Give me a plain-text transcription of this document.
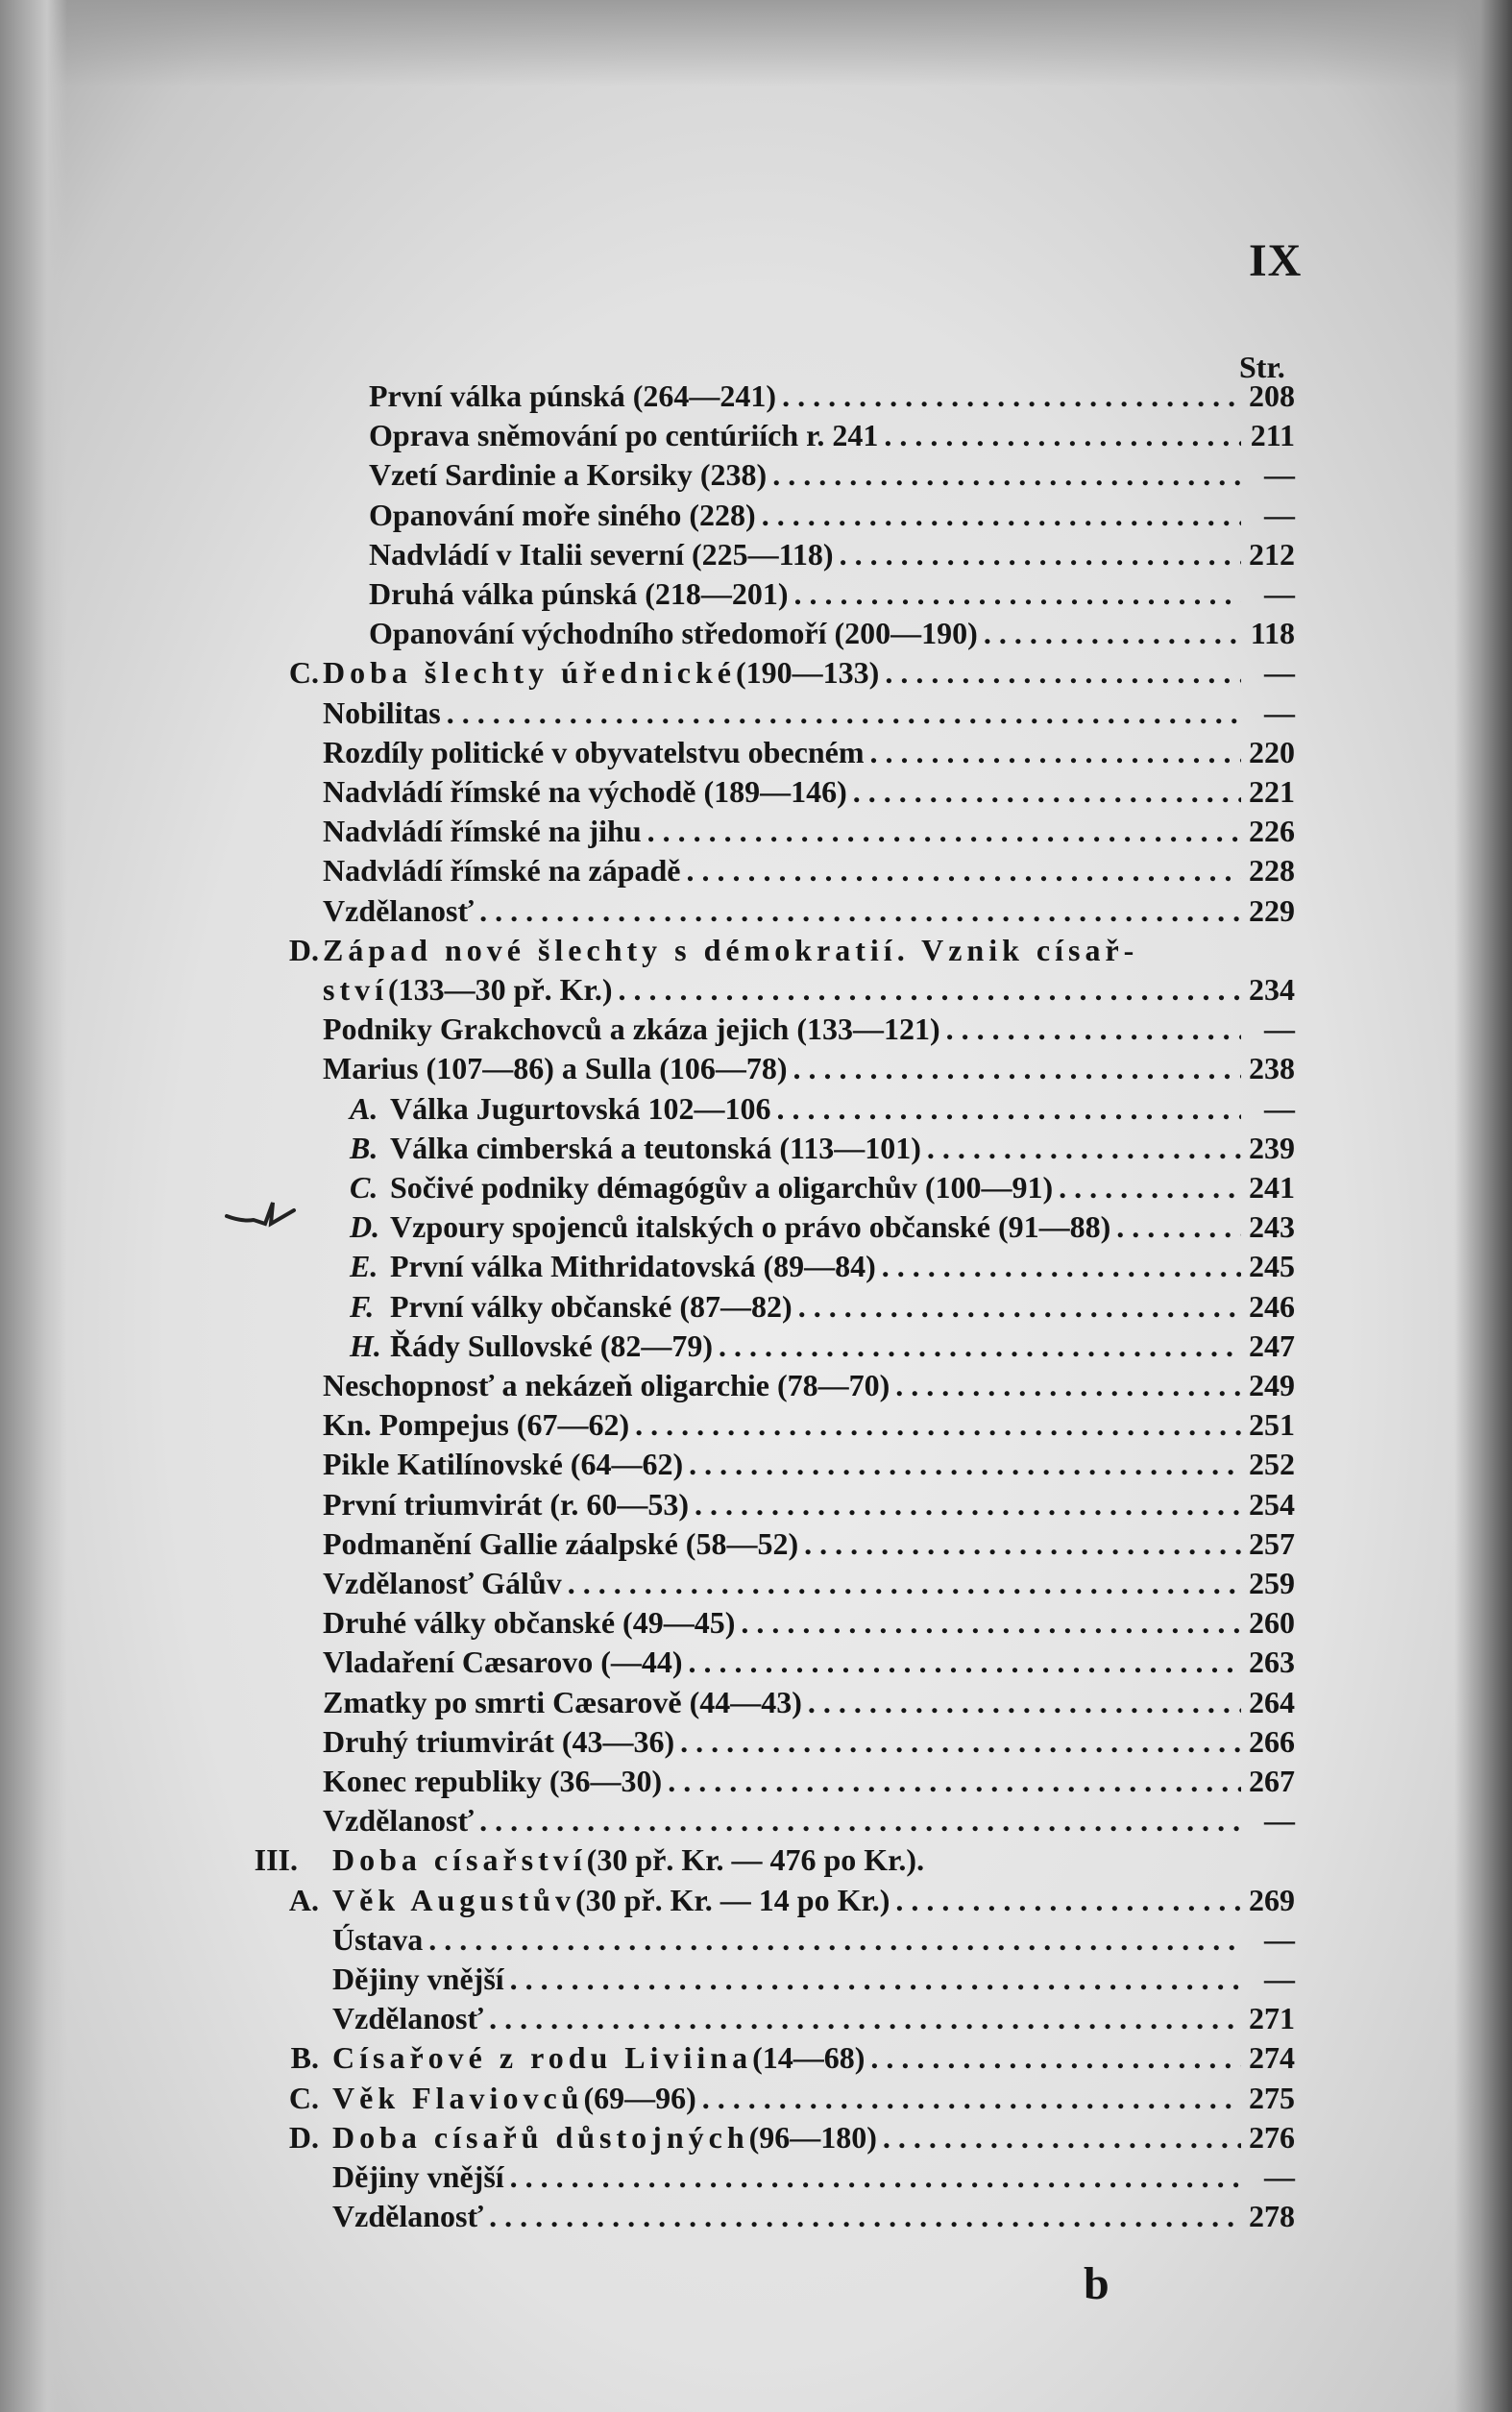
IX
Str.
První válka púnská (264—241) . . .	208
Oprava sněmování po centúriích r. 241 . . .	211
Vzetí Sardinie a Korsiky (238) . . .	—
Opanování moře siného (228) . . .	—
Nadvládí v Italii severní (225—118) . . .	212
Druhá válka púnská (218—201) . . .	—
Opanování východního středomoří (200—190) . . .	118
C. Doba šlechty úřednické (190—133) . . .	—
Nobilitas . . .	—
Rozdíly politické v obyvatelstvu obecném . . .	220
Nadvládí římské na východě (189—146) . . .	221
Nadvládí římské na jihu . . .	226
Nadvládí římské na západě . . .	228
Vzdělanosť . . .	229
D. Západ nové šlechty s démokratií. Vznik císař-
ství (133—30 př. Kr.) . . .	234
Podniky Grakchovců a zkáza jejich (133—121) . . .	—
Marius (107—86) a Sulla (106—78) . . .	238
A. Válka Jugurtovská 102—106 . . .	—
B. Válka cimberská a teutonská (113—101) . . .	239
C. Sočivé podniky démagógův a oligarchův (100—91) . . .	241
D. Vzpoury spojenců italských o právo občanské (91—88) . . .	243
E. První válka Mithridatovská (89—84) . . .	245
F. První války občanské (87—82) . . .	246
H. Řády Sullovské (82—79) . . .	247
Neschopnosť a nekázeň oligarchie (78—70) . . .	249
Kn. Pompejus (67—62) . . .	251
Pikle Katilínovské (64—62) . . .	252
První triumvirát (r. 60—53) . . .	254
Podmanění Gallie záalpské (58—52) . . .	257
Vzdělanosť Gálův . . .	259
Druhé války občanské (49—45) . . .	260
Vladaření Cæsarovo (—44) . . .	263
Zmatky po smrti Cæsarově (44—43) . . .	264
Druhý triumvirát (43—36) . . .	266
Konec republiky (36—30) . . .	267
Vzdělanosť . . .	—
III. Doba císařství (30 př. Kr. — 476 po Kr.).
A. Věk Augustův (30 př. Kr. — 14 po Kr.) . . .	269
Ústava . . .	—
Dějiny vnější . . .	—
Vzdělanosť . . .	271
B. Císařové z rodu Liviina (14—68) . . .	274
C. Věk Flaviovců (69—96) . . .	275
D. Doba císařů důstojných (96—180) . . .	276
Dějiny vnější . . .	—
Vzdělanosť . . .	278
b
